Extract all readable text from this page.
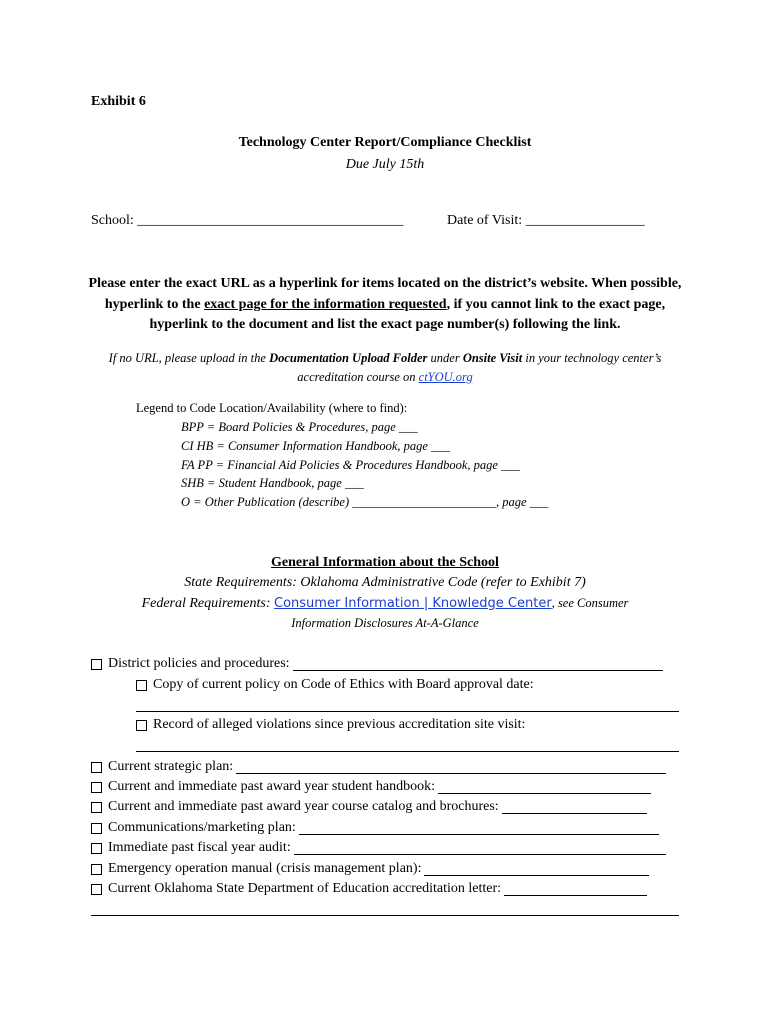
Exhibit 6
Technology Center Report/Compliance Checklist
Due July 15th
School: ______________________________________	Date of Visit: _________________
Please enter the exact URL as a hyperlink for items located on the district’s website. When possible, hyperlink to the exact page for the information requested, if you cannot link to the exact page, hyperlink to the document and list the exact page number(s) following the link.
If no URL, please upload in the Documentation Upload Folder under Onsite Visit in your technology center’s accreditation course on ctYOU.org
Legend to Code Location/Availability (where to find):
BPP = Board Policies & Procedures, page ___
CI HB = Consumer Information Handbook, page ___
FA PP = Financial Aid Policies & Procedures Handbook, page ___
SHB = Student Handbook, page ___
O = Other Publication (describe) _______________________, page ___
General Information about the School
State Requirements: Oklahoma Administrative Code (refer to Exhibit 7)
Federal Requirements: Consumer Information | Knowledge Center, see Consumer
Information Disclosures At-A-Glance
District policies and procedures:
Copy of current policy on Code of Ethics with Board approval date:
Record of alleged violations since previous accreditation site visit:
Current strategic plan:
Current and immediate past award year student handbook:
Current and immediate past award year course catalog and brochures:
Communications/marketing plan:
Immediate past fiscal year audit:
Emergency operation manual (crisis management plan):
Current Oklahoma State Department of Education accreditation letter:
